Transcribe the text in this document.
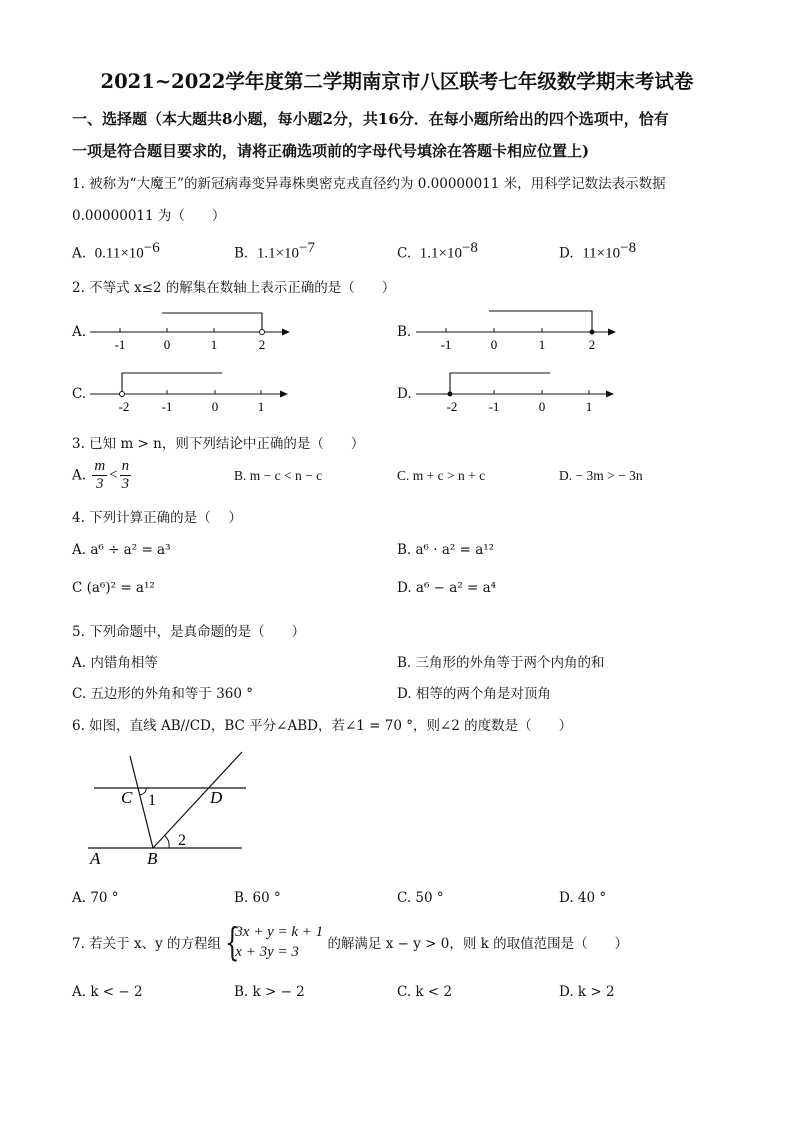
2021~2022学年度第二学期南京市八区联考七年级数学期末考试卷
一、选择题（本大题共8小题，每小题2分，共16分．在每小题所给出的四个选项中，恰有
一项是符合题目要求的，请将正确选项前的字母代号填涂在答题卡相应位置上)
1. 被称为“大魔王”的新冠病毒变异毒株奥密克戎直径约为 0.00000011 米，用科学记数法表示数据
0.00000011 为（　　）
A. $0.11\times 10^{-6}$	B. $1.1\times 10^{-7}$	C. $1.1\times 10^{-8}$	D. $11\times 10^{-8}$
2. 不等式 x≤2 的解集在数轴上表示正确的是（　　）
A.
-1	0	1	2
B.
-1	0	1	2
C.
-2 -1	0	1
D.
-2 -1	0	1
3. 已知 m > n，则下列结论中正确的是（　　）
A. $\frac{m}{3} < \frac{n}{3}$	B. m − c < n − c	C. m + c > n + c	D. − 3m > − 3n
4. 下列计算正确的是（　 ）
A. a⁶ ÷ a² = a³	B. a⁶ · a² = a¹²
C (a⁶)² = a¹²	D. a⁶ − a² = a⁴
5. 下列命题中，是真命题的是（　　）
A. 内错角相等	B. 三角形的外角等于两个内角的和
C. 五边形的外角和等于 360 °	D. 相等的两个角是对顶角
6. 如图，直线 AB//CD，BC 平分∠ABD，若∠1 = 70 °，则∠2 的度数是（　　）
C 1	D
2
A	B
A. 70 °	B. 60 °	C. 50 °	D. 40 °
7. 若关于 x、y 的方程组 {
3x + y = k + 1
x + 3y = 3	的解满足 x − y > 0，则 k 的取值范围是（　　）
A. k < − 2	B. k > − 2	C. k < 2	D. k > 2
